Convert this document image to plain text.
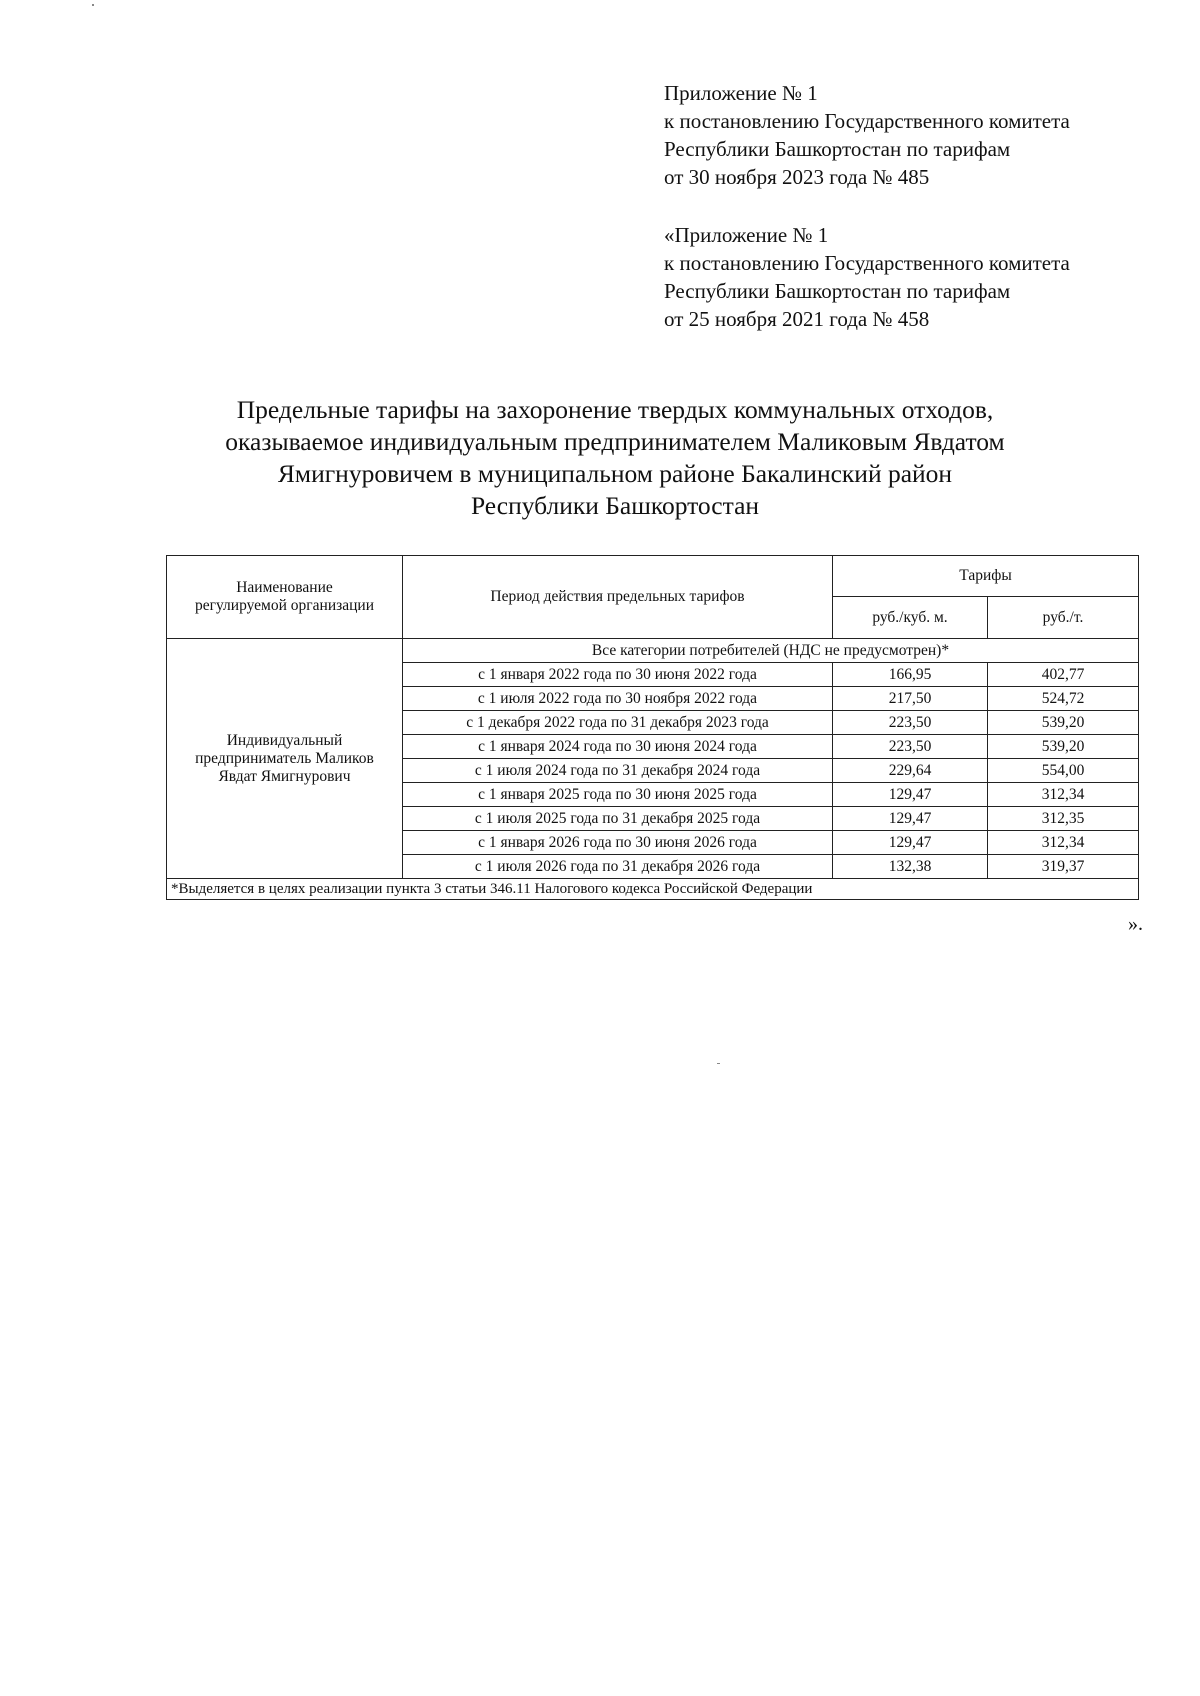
Приложение № 1
к постановлению Государственного комитета
Республики Башкортостан по тарифам
от 30 ноября 2023 года № 485
«Приложение № 1
к постановлению Государственного комитета
Республики Башкортостан по тарифам
от 25 ноября 2021 года № 458
Предельные тарифы на захоронение твердых коммунальных отходов,
оказываемое индивидуальным предпринимателем Маликовым Явдатом
Ямигнуровичем в муниципальном районе Бакалинский район
Республики Башкортостан
Наименование
регулируемой организации	Период действия предельных тарифов	Тарифы	
		руб./куб. м.	руб./т.

Индивидуальный
предприниматель Маликов
Явдат Ямигнурович	Все категории потребителей (НДС не предусмотрен)*		
	с 1 января 2022 года по 30 июня 2022 года	166,95	402,77
	с 1 июля 2022 года по 30 ноября 2022 года	217,50	524,72
	с 1 декабря 2022 года по 31 декабря 2023 года	223,50	539,20
	с 1 января 2024 года по 30 июня 2024 года	223,50	539,20
	с 1 июля 2024 года по 31 декабря 2024 года	229,64	554,00
	с 1 января 2025 года по 30 июня 2025 года	129,47	312,34
	с 1 июля 2025 года по 31 декабря 2025 года	129,47	312,35
	с 1 января 2026 года по 30 июня 2026 года	129,47	312,34
	с 1 июля 2026 года по 31 декабря 2026 года	132,38	319,37
*Выделяется в целях реализации пункта 3 статьи 346.11 Налогового кодекса Российской Федерации			
».
